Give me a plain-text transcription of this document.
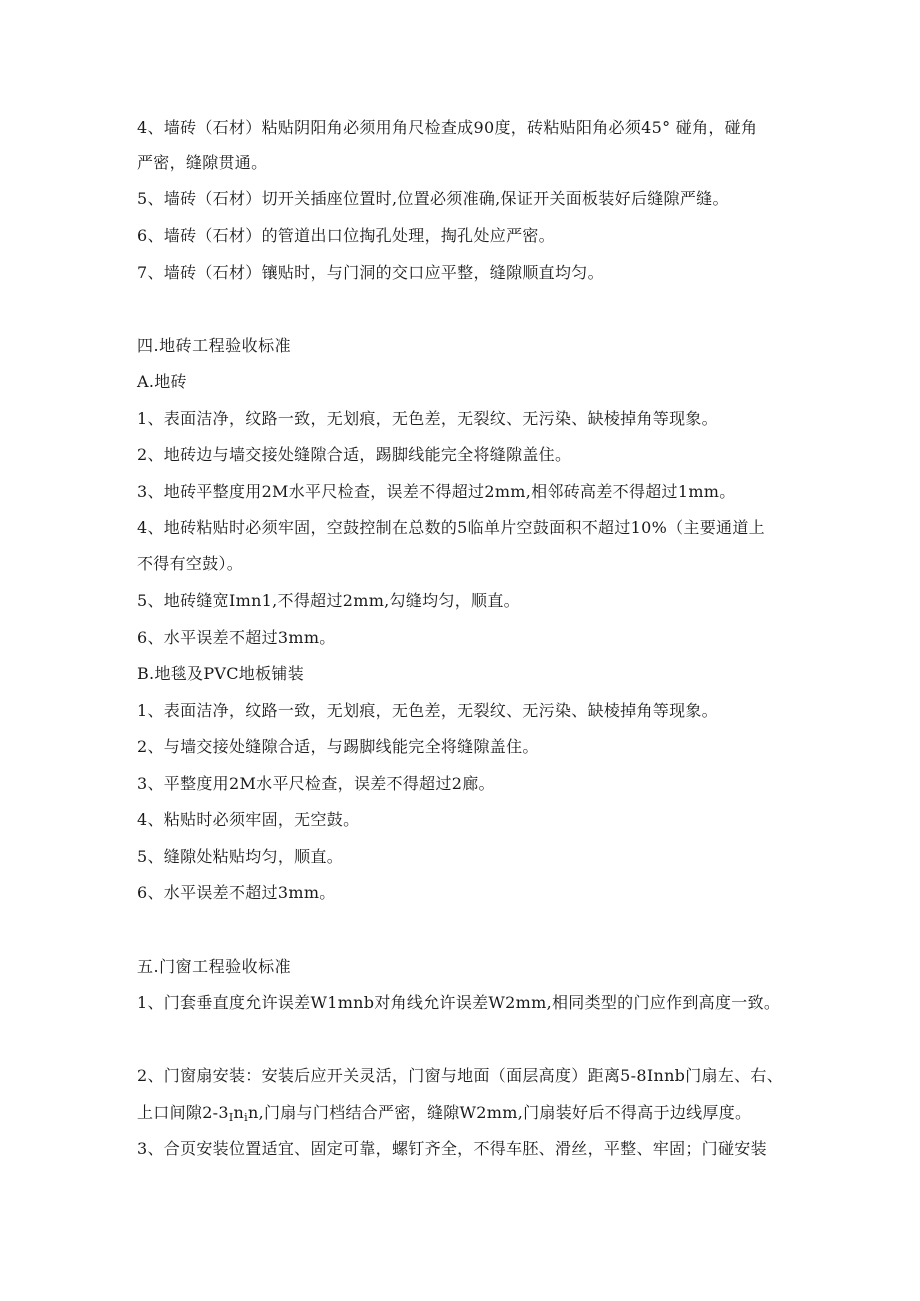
4、墙砖（石材）粘贴阴阳角必须用角尺检查成90度，砖粘贴阳角必须45° 碰角，碰角
严密，缝隙贯通。
5、墙砖（石材）切开关插座位置时,位置必须准确,保证开关面板装好后缝隙严缝。
6、墙砖（石材）的管道出口位掏孔处理，掏孔处应严密。
7、墙砖（石材）镶贴时，与门洞的交口应平整，缝隙顺直均匀。
四.地砖工程验收标准
A.地砖
1、表面洁净，纹路一致，无划痕，无色差，无裂纹、无污染、缺棱掉角等现象。
2、地砖边与墙交接处缝隙合适，踢脚线能完全将缝隙盖住。
3、地砖平整度用2M水平尺检查，误差不得超过2mm,相邻砖高差不得超过1mm。
4、地砖粘贴时必须牢固，空鼓控制在总数的5临单片空鼓面积不超过10%（主要通道上
不得有空鼓）。
5、地砖缝宽Imn1,不得超过2mm,勾缝均匀，顺直。
6、水平误差不超过3mm。
B.地毯及PVC地板铺装
1、表面洁净，纹路一致，无划痕，无色差，无裂纹、无污染、缺棱掉角等现象。
2、与墙交接处缝隙合适，与踢脚线能完全将缝隙盖住。
3、平整度用2M水平尺检查，误差不得超过2廊。
4、粘贴时必须牢固，无空鼓。
5、缝隙处粘贴均匀，顺直。
6、水平误差不超过3mm。
五.门窗工程验收标准
1、门套垂直度允许误差W1mnb对角线允许误差W2mm,相同类型的门应作到高度一致。
2、门窗扇安装：安装后应开关灵活，门窗与地面（面层高度）距离5-8Innb门扇左、右、
上口间隙$2-3_In_in$,门扇与门档结合严密，缝隙W2mm,门扇装好后不得高于边线厚度。
3、合页安装位置适宜、固定可靠，螺钉齐全，不得车胚、滑丝，平整、牢固；门碰安装
